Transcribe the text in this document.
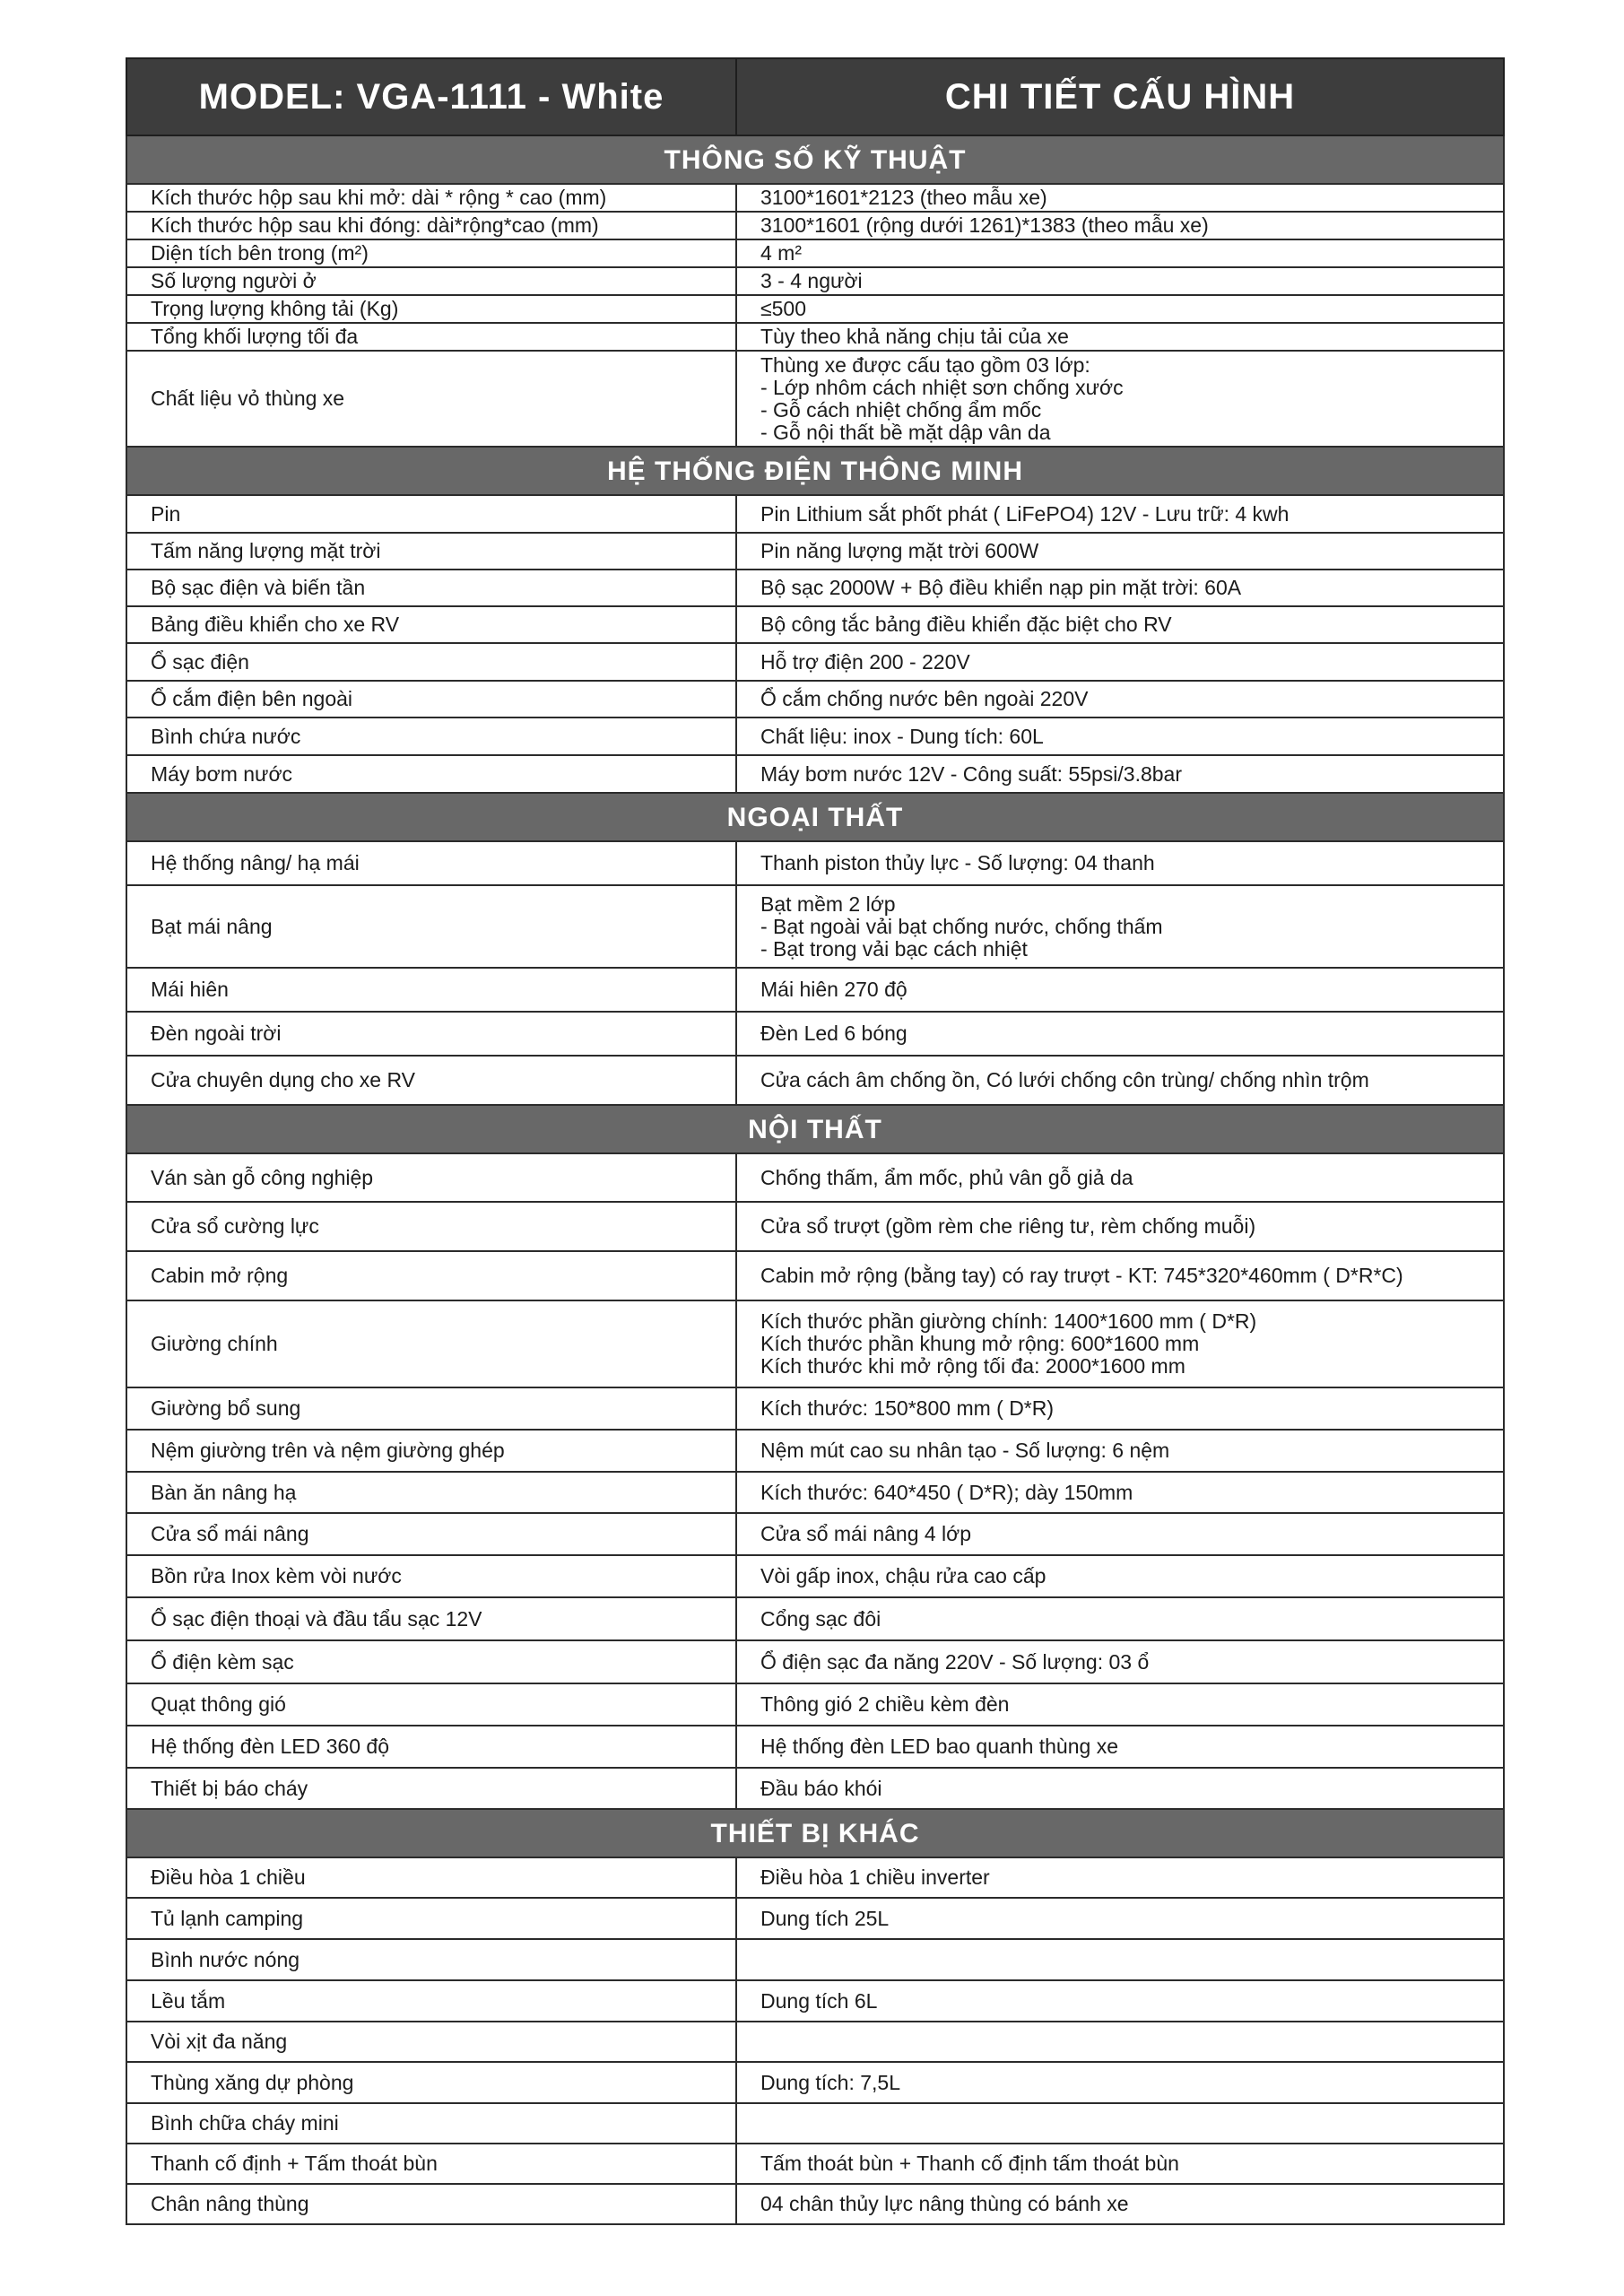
MODEL: VGA-1111 - White	CHI TIẾT CẤU HÌNH
THÔNG SỐ KỸ THUẬT	
Kích thước hộp sau khi mở: dài * rộng * cao (mm)	3100*1601*2123 (theo mẫu xe)
Kích thước hộp sau khi đóng: dài*rộng*cao (mm)	3100*1601 (rộng dưới 1261)*1383 (theo mẫu xe)
Diện tích bên trong (m²)	4 m²
Số lượng người ở	3 - 4 người
Trọng lượng không tải (Kg)	≤500
Tổng khối lượng tối đa	Tùy theo khả năng chịu tải của xe
Chất liệu vỏ thùng xe	Thùng xe được cấu tạo gồm 03 lớp:
- Lớp nhôm cách nhiệt sơn chống xước
- Gỗ cách nhiệt chống ẩm mốc
- Gỗ nội thất bề mặt dập vân da
HỆ THỐNG ĐIỆN THÔNG MINH	
Pin	Pin Lithium sắt phốt phát ( LiFePO4) 12V - Lưu trữ: 4 kwh
Tấm năng lượng mặt trời	Pin năng lượng mặt trời 600W
Bộ sạc điện và biến tần	Bộ sạc 2000W + Bộ điều khiển nạp pin mặt trời: 60A
Bảng điều khiển cho xe RV	Bộ công tắc bảng điều khiển đặc biệt cho RV
Ổ sạc điện	Hỗ trợ điện 200 - 220V
Ổ cắm điện bên ngoài	Ổ cắm chống nước bên ngoài 220V
Bình chứa nước	Chất liệu: inox - Dung tích: 60L
Máy bơm nước	Máy bơm nước 12V - Công suất: 55psi/3.8bar
NGOẠI THẤT	
Hệ thống nâng/ hạ mái	Thanh piston thủy lực - Số lượng: 04 thanh
Bạt mái nâng	Bạt mềm 2 lớp
- Bạt ngoài vải bạt chống nước, chống thấm
- Bạt trong vải bạc cách nhiệt
Mái hiên	Mái hiên 270 độ
Đèn ngoài trời	Đèn Led 6 bóng
Cửa chuyên dụng cho xe RV	Cửa cách âm chống ồn, Có lưới chống côn trùng/ chống nhìn trộm
NỘI THẤT	
Ván sàn gỗ công nghiệp	Chống thấm, ẩm mốc, phủ vân gỗ giả da
Cửa sổ cường lực	Cửa sổ trượt (gồm rèm che riêng tư, rèm chống muỗi)
Cabin mở rộng	Cabin mở rộng (bằng tay) có ray trượt - KT: 745*320*460mm ( D*R*C)
Giường chính	Kích thước phần giường chính: 1400*1600 mm ( D*R)
Kích thước phần khung mở rộng: 600*1600 mm
Kích thước khi mở rộng tối đa: 2000*1600 mm
Giường bổ sung	Kích thước: 150*800 mm ( D*R)
Nệm giường trên và nệm giường ghép	Nệm mút cao su nhân tạo - Số lượng: 6 nệm
Bàn ăn nâng hạ	Kích thước: 640*450 ( D*R); dày 150mm
Cửa sổ mái nâng	Cửa sổ mái nâng 4 lớp
Bồn rửa Inox kèm vòi nước	Vòi gấp inox, chậu rửa cao cấp
Ổ sạc điện thoại và đầu tẩu sạc 12V	Cổng sạc đôi
Ổ điện kèm sạc	Ổ điện sạc đa năng 220V - Số lượng: 03 ổ
Quạt thông gió	Thông gió 2 chiều kèm đèn
Hệ thống đèn LED 360 độ	Hệ thống đèn LED bao quanh thùng xe
Thiết bị báo cháy	Đầu báo khói
THIẾT BỊ KHÁC	
Điều hòa 1 chiều	Điều hòa 1 chiều inverter
Tủ lạnh camping	Dung tích 25L
Bình nước nóng	
Lều tắm	Dung tích 6L
Vòi xịt đa năng	
Thùng xăng dự phòng	Dung tích: 7,5L
Bình chữa cháy mini	
Thanh cố định + Tấm thoát bùn	Tấm thoát bùn + Thanh cố định tấm thoát bùn
Chân nâng thùng	04 chân thủy lực nâng thùng có bánh xe
